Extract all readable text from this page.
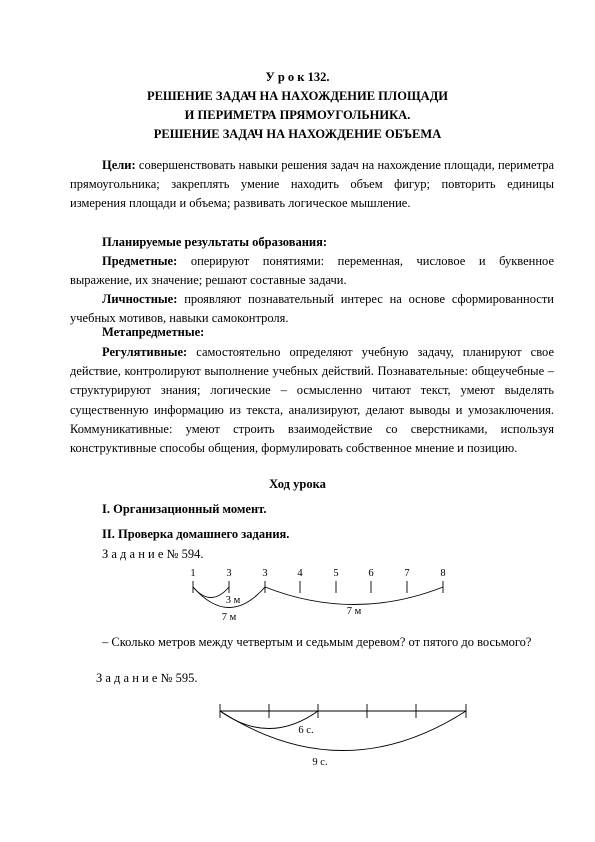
У р о к 132.
РЕШЕНИЕ ЗАДАЧ НА НАХОЖДЕНИЕ ПЛОЩАДИ
И ПЕРИМЕТРА ПРЯМОУГОЛЬНИКА.
РЕШЕНИЕ ЗАДАЧ НА НАХОЖДЕНИЕ ОБЪЕМА

Цели: совершенствовать навыки решения задач на нахождение площади, периметра прямоугольника; закреплять умение находить объем фигур; повторить единицы измерения площади и объема; развивать логическое мышление.

Планируемые результаты образования:

Предметные: оперируют понятиями: переменная, числовое и буквенное выражение, их значение; решают составные задачи.

Личностные: проявляют познавательный интерес на основе сформированности учебных мотивов, навыки самоконтроля.

Метапредметные:

Регулятивные: самостоятельно определяют учебную задачу, планируют свое действие, контролируют выполнение учебных действий. Познавательные: общеучебные – структурируют знания; логические – осмысленно читают текст, умеют выделять существенную информацию из текста, анализируют, делают выводы и умозаключения. Коммуникативные: умеют строить взаимодействие со сверстниками, используя конструктивные способы общения, формулировать собственное мнение и позицию.

Ход урока
I. Организационный момент.
II. Проверка домашнего задания.
З а д а н и е № 594.
1	3	3	4	5	6	7	8
3 м
7 м
7 м
6 с.
9 с.

– Сколько метров между четвертым и седьмым деревом? от пятого до восьмого?

З а д а н и е № 595.
